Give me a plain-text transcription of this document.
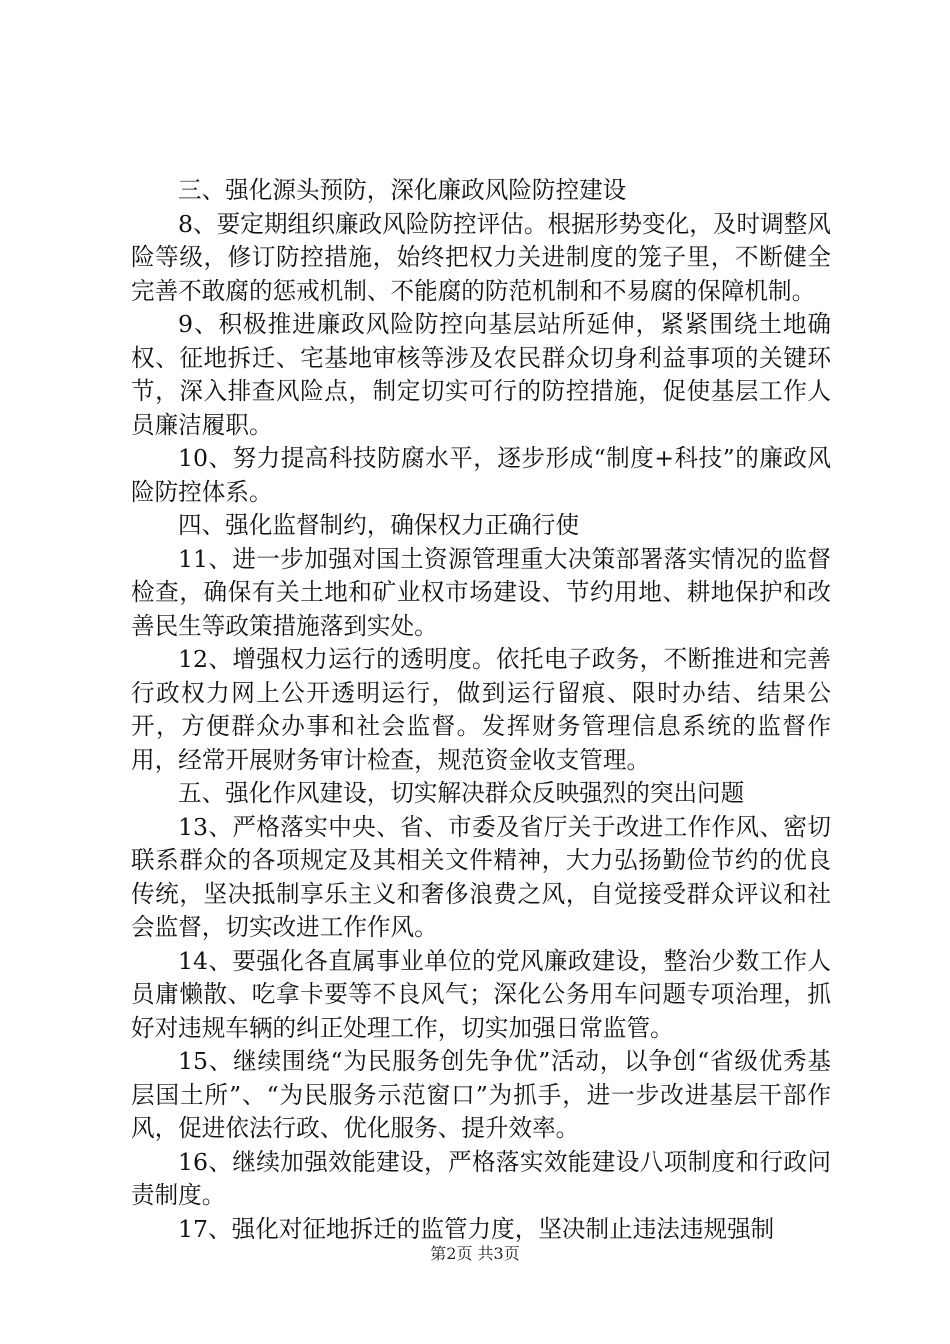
三、强化源头预防，深化廉政风险防控建设

8、要定期组织廉政风险防控评估。根据形势变化，及时调整风险等级，修订防控措施，始终把权力关进制度的笼子里，不断健全完善不敢腐的惩戒机制、不能腐的防范机制和不易腐的保障机制。

9、积极推进廉政风险防控向基层站所延伸，紧紧围绕土地确权、征地拆迁、宅基地审核等涉及农民群众切身利益事项的关键环节，深入排查风险点，制定切实可行的防控措施，促使基层工作人员廉洁履职。

10、努力提高科技防腐水平，逐步形成“制度+科技”的廉政风险防控体系。

四、强化监督制约，确保权力正确行使

11、进一步加强对国土资源管理重大决策部署落实情况的监督检查，确保有关土地和矿业权市场建设、节约用地、耕地保护和改善民生等政策措施落到实处。

12、增强权力运行的透明度。依托电子政务，不断推进和完善行政权力网上公开透明运行，做到运行留痕、限时办结、结果公开，方便群众办事和社会监督。发挥财务管理信息系统的监督作用，经常开展财务审计检查，规范资金收支管理。

五、强化作风建设，切实解决群众反映强烈的突出问题

13、严格落实中央、省、市委及省厅关于改进工作作风、密切联系群众的各项规定及其相关文件精神，大力弘扬勤俭节约的优良传统，坚决抵制享乐主义和奢侈浪费之风，自觉接受群众评议和社会监督，切实改进工作作风。

14、要强化各直属事业单位的党风廉政建设，整治少数工作人员庸懒散、吃拿卡要等不良风气；深化公务用车问题专项治理，抓好对违规车辆的纠正处理工作，切实加强日常监管。

15、继续围绕“为民服务创先争优”活动，以争创“省级优秀基层国土所”、“为民服务示范窗口”为抓手，进一步改进基层干部作风，促进依法行政、优化服务、提升效率。

16、继续加强效能建设，严格落实效能建设八项制度和行政问责制度。

17、强化对征地拆迁的监管力度，坚决制止违法违规强制

第2页 共3页
